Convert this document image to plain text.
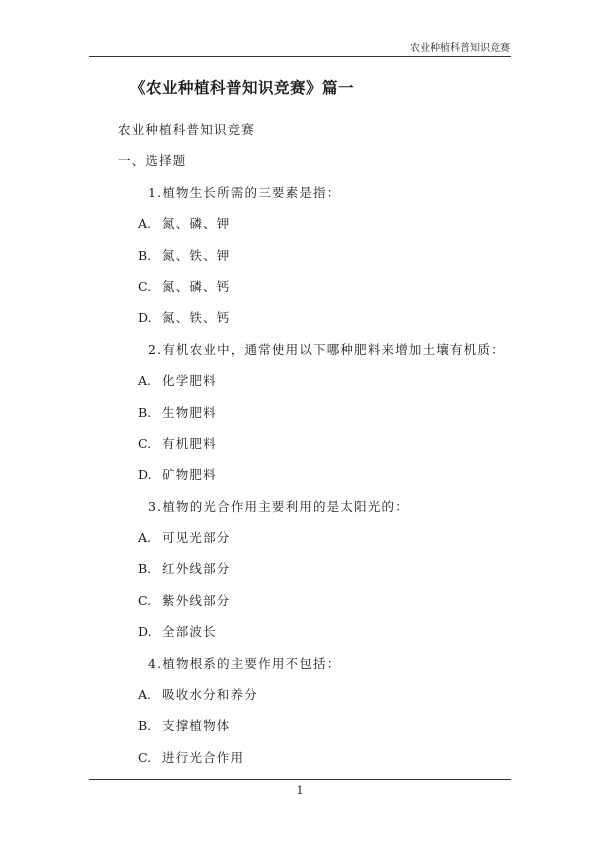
农业种植科普知识竞赛
《农业种植科普知识竞赛》篇一
农业种植科普知识竞赛
一、选择题
1.植物生长所需的三要素是指：
A. 氮、磷、钾
B. 氮、铁、钾
C. 氮、磷、钙
D. 氮、铁、钙
2.有机农业中，通常使用以下哪种肥料来增加土壤有机质：
A. 化学肥料
B. 生物肥料
C. 有机肥料
D. 矿物肥料
3.植物的光合作用主要利用的是太阳光的：
A. 可见光部分
B. 红外线部分
C. 紫外线部分
D. 全部波长
4.植物根系的主要作用不包括：
A. 吸收水分和养分
B. 支撑植物体
C. 进行光合作用
1
